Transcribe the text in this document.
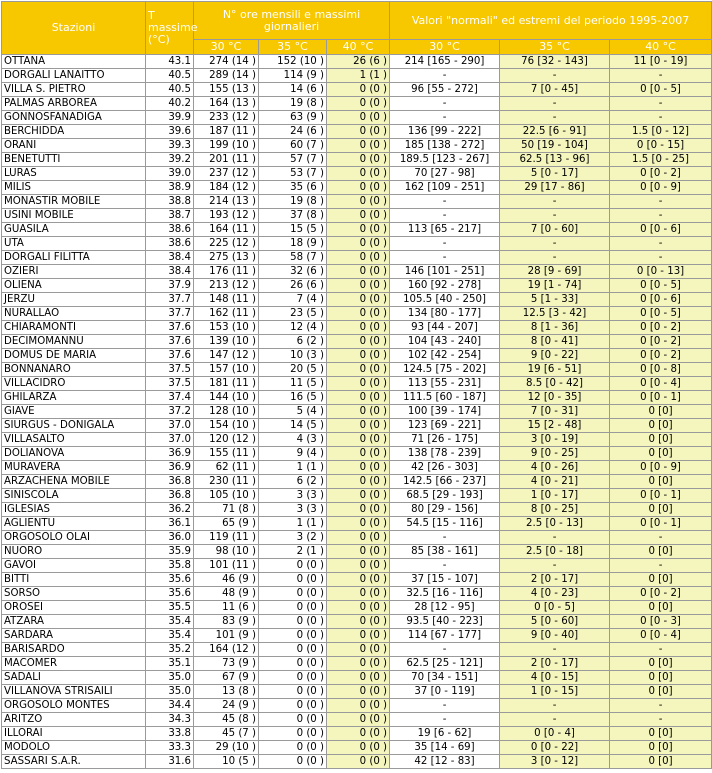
Stazioni	T massime (°C)	N° ore mensili e massimi giornalieri			Valori "normali" ed estremi del periodo 1995-2007		
		30 °C	35 °C	40 °C	30 °C	35 °C	40 °C
OTTANA	43.1	274 (14 )	152 (10 )	26 (6 )	214 [165 - 290]	76 [32 - 143]	11 [0 - 19]
DORGALI LANAITTO	40.5	289 (14 )	114 (9 )	1 (1 )	-	-	-
VILLA S. PIETRO	40.5	155 (13 )	14 (6 )	0 (0 )	96 [55 - 272]	7 [0 - 45]	0 [0 - 5]
PALMAS ARBOREA	40.2	164 (13 )	19 (8 )	0 (0 )	-	-	-
GONNOSFANADIGA	39.9	233 (12 )	63 (9 )	0 (0 )	-	-	-
BERCHIDDA	39.6	187 (11 )	24 (6 )	0 (0 )	136 [99 - 222]	22.5 [6 - 91]	1.5 [0 - 12]
ORANI	39.3	199 (10 )	60 (7 )	0 (0 )	185 [138 - 272]	50 [19 - 104]	0 [0 - 15]
BENETUTTI	39.2	201 (11 )	57 (7 )	0 (0 )	189.5 [123 - 267]	62.5 [13 - 96]	1.5 [0 - 25]
LURAS	39.0	237 (12 )	53 (7 )	0 (0 )	70 [27 - 98]	5 [0 - 17]	0 [0 - 2]
MILIS	38.9	184 (12 )	35 (6 )	0 (0 )	162 [109 - 251]	29 [17 - 86]	0 [0 - 9]
MONASTIR MOBILE	38.8	214 (13 )	19 (8 )	0 (0 )	-	-	-
USINI MOBILE	38.7	193 (12 )	37 (8 )	0 (0 )	-	-	-
GUASILA	38.6	164 (11 )	15 (5 )	0 (0 )	113 [65 - 217]	7 [0 - 60]	0 [0 - 6]
UTA	38.6	225 (12 )	18 (9 )	0 (0 )	-	-	-
DORGALI FILITTA	38.4	275 (13 )	58 (7 )	0 (0 )	-	-	-
OZIERI	38.4	176 (11 )	32 (6 )	0 (0 )	146 [101 - 251]	28 [9 - 69]	0 [0 - 13]
OLIENA	37.9	213 (12 )	26 (6 )	0 (0 )	160 [92 - 278]	19 [1 - 74]	0 [0 - 5]
JERZU	37.7	148 (11 )	7 (4 )	0 (0 )	105.5 [40 - 250]	5 [1 - 33]	0 [0 - 6]
NURALLAO	37.7	162 (11 )	23 (5 )	0 (0 )	134 [80 - 177]	12.5 [3 - 42]	0 [0 - 5]
CHIARAMONTI	37.6	153 (10 )	12 (4 )	0 (0 )	93 [44 - 207]	8 [1 - 36]	0 [0 - 2]
DECIMOMANNU	37.6	139 (10 )	6 (2 )	0 (0 )	104 [43 - 240]	8 [0 - 41]	0 [0 - 2]
DOMUS DE MARIA	37.6	147 (12 )	10 (3 )	0 (0 )	102 [42 - 254]	9 [0 - 22]	0 [0 - 2]
BONNANARO	37.5	157 (10 )	20 (5 )	0 (0 )	124.5 [75 - 202]	19 [6 - 51]	0 [0 - 8]
VILLACIDRO	37.5	181 (11 )	11 (5 )	0 (0 )	113 [55 - 231]	8.5 [0 - 42]	0 [0 - 4]
GHILARZA	37.4	144 (10 )	16 (5 )	0 (0 )	111.5 [60 - 187]	12 [0 - 35]	0 [0 - 1]
GIAVE	37.2	128 (10 )	5 (4 )	0 (0 )	100 [39 - 174]	7 [0 - 31]	0 [0]
SIURGUS - DONIGALA	37.0	154 (10 )	14 (5 )	0 (0 )	123 [69 - 221]	15 [2 - 48]	0 [0]
VILLASALTO	37.0	120 (12 )	4 (3 )	0 (0 )	71 [26 - 175]	3 [0 - 19]	0 [0]
DOLIANOVA	36.9	155 (11 )	9 (4 )	0 (0 )	138 [78 - 239]	9 [0 - 25]	0 [0]
MURAVERA	36.9	62 (11 )	1 (1 )	0 (0 )	42 [26 - 303]	4 [0 - 26]	0 [0 - 9]
ARZACHENA MOBILE	36.8	230 (11 )	6 (2 )	0 (0 )	142.5 [66 - 237]	4 [0 - 21]	0 [0]
SINISCOLA	36.8	105 (10 )	3 (3 )	0 (0 )	68.5 [29 - 193]	1 [0 - 17]	0 [0 - 1]
IGLESIAS	36.2	71 (8 )	3 (3 )	0 (0 )	80 [29 - 156]	8 [0 - 25]	0 [0]
AGLIENTU	36.1	65 (9 )	1 (1 )	0 (0 )	54.5 [15 - 116]	2.5 [0 - 13]	0 [0 - 1]
ORGOSOLO OLAI	36.0	119 (11 )	3 (2 )	0 (0 )	-	-	-
NUORO	35.9	98 (10 )	2 (1 )	0 (0 )	85 [38 - 161]	2.5 [0 - 18]	0 [0]
GAVOI	35.8	101 (11 )	0 (0 )	0 (0 )	-	-	-
BITTI	35.6	46 (9 )	0 (0 )	0 (0 )	37 [15 - 107]	2 [0 - 17]	0 [0]
SORSO	35.6	48 (9 )	0 (0 )	0 (0 )	32.5 [16 - 116]	4 [0 - 23]	0 [0 - 2]
OROSEI	35.5	11 (6 )	0 (0 )	0 (0 )	28 [12 - 95]	0 [0 - 5]	0 [0]
ATZARA	35.4	83 (9 )	0 (0 )	0 (0 )	93.5 [40 - 223]	5 [0 - 60]	0 [0 - 3]
SARDARA	35.4	101 (9 )	0 (0 )	0 (0 )	114 [67 - 177]	9 [0 - 40]	0 [0 - 4]
BARISARDO	35.2	164 (12 )	0 (0 )	0 (0 )	-	-	-
MACOMER	35.1	73 (9 )	0 (0 )	0 (0 )	62.5 [25 - 121]	2 [0 - 17]	0 [0]
SADALI	35.0	67 (9 )	0 (0 )	0 (0 )	70 [34 - 151]	4 [0 - 15]	0 [0]
VILLANOVA STRISAILI	35.0	13 (8 )	0 (0 )	0 (0 )	37 [0 - 119]	1 [0 - 15]	0 [0]
ORGOSOLO MONTES	34.4	24 (9 )	0 (0 )	0 (0 )	-	-	-
ARITZO	34.3	45 (8 )	0 (0 )	0 (0 )	-	-	-
ILLORAI	33.8	45 (7 )	0 (0 )	0 (0 )	19 [6 - 62]	0 [0 - 4]	0 [0]
MODOLO	33.3	29 (10 )	0 (0 )	0 (0 )	35 [14 - 69]	0 [0 - 22]	0 [0]
SASSARI S.A.R.	31.6	10 (5 )	0 (0 )	0 (0 )	42 [12 - 83]	3 [0 - 12]	0 [0]
